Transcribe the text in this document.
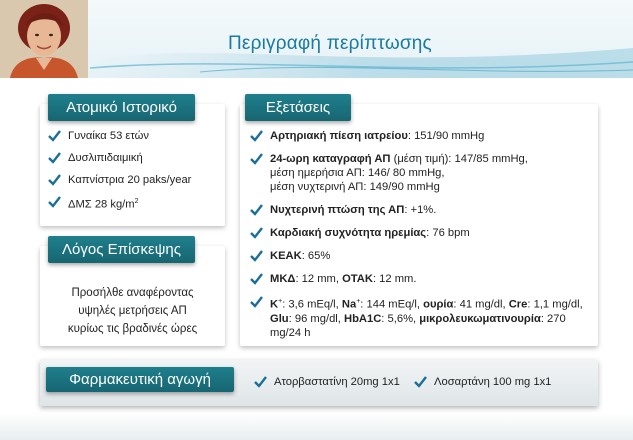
Περιγραφή περίπτωσης
Ατομικό Ιστορικό
Γυναίκα 53 ετών
Δυσλιπιδαιμική
Καπνίστρια 20 paks/year
ΔΜΣ 28 $kg/m^2$
Λόγος Επίσκεψης
Προσήλθε αναφέροντας
υψηλές μετρήσεις ΑΠ
κυρίως τις βραδινές ώρες
Εξετάσεις
Αρτηριακή πίεση ιατρείου: 151/90 mmHg
24-ωρη καταγραφή ΑΠ (μέση τιμή): 147/85 mmHg,
μέση ημερήσια ΑΠ: 146/ 80 mmHg,
μέση νυχτερινή ΑΠ: 149/90 mmHg
Νυχτερινή πτώση της ΑΠ: +1%.
Καρδιακή συχνότητα ηρεμίας: 76 bpm
ΚΕΑΚ: 65%
ΜΚΔ: 12 mm, ΟΤΑΚ: 12 mm.
K+: 3,6 mEq/l, Na+: 144 mEq/l, ουρία: 41 mg/dl, Cre: 1,1 mg/dl,
Glu: 96 mg/dl, HbA1C: 5,6%, μικρολευκωματινουρία: 270 mg/24 h
Φαρμακευτική αγωγή	Ατορβαστατίνη 20mg 1x1	Λοσαρτάνη 100 mg 1x1
